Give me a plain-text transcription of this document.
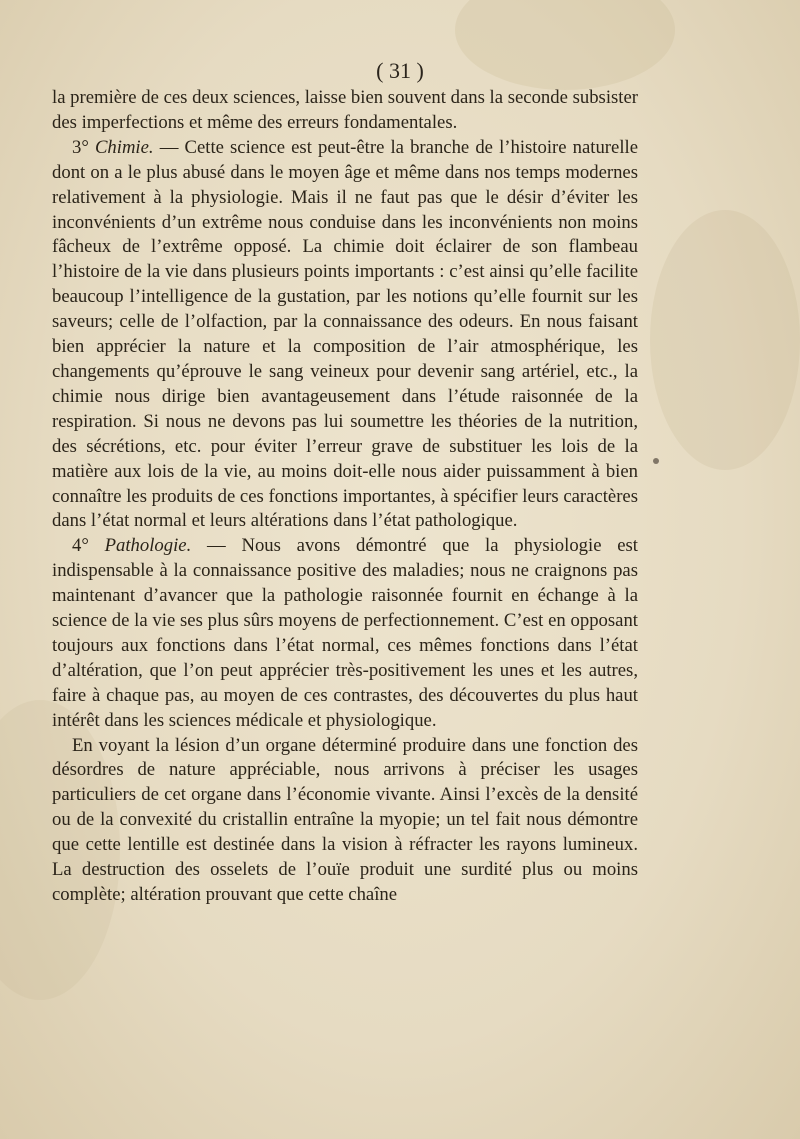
( 31 )

la première de ces deux sciences, laisse bien souvent dans la seconde subsister des imperfections et même des erreurs fondamentales.

3° Chimie. — Cette science est peut-être la branche de l’histoire naturelle dont on a le plus abusé dans le moyen âge et même dans nos temps modernes relativement à la physiologie. Mais il ne faut pas que le désir d’éviter les inconvénients d’un extrême nous conduise dans les inconvénients non moins fâcheux de l’extrême opposé. La chimie doit éclairer de son flambeau l’histoire de la vie dans plusieurs points importants : c’est ainsi qu’elle facilite beaucoup l’intelligence de la gustation, par les notions qu’elle fournit sur les saveurs; celle de l’olfaction, par la connaissance des odeurs. En nous faisant bien apprécier la nature et la composition de l’air atmosphérique, les changements qu’éprouve le sang veineux pour devenir sang artériel, etc., la chimie nous dirige bien avantageusement dans l’étude raisonnée de la respiration. Si nous ne devons pas lui soumettre les théories de la nutrition, des sécrétions, etc. pour éviter l’erreur grave de substituer les lois de la matière aux lois de la vie, au moins doit-elle nous aider puissamment à bien connaître les produits de ces fonctions importantes, à spécifier leurs caractères dans l’état normal et leurs altérations dans l’état pathologique.

4° Pathologie. — Nous avons démontré que la physiologie est indispensable à la connaissance positive des maladies; nous ne craignons pas maintenant d’avancer que la pathologie raisonnée fournit en échange à la science de la vie ses plus sûrs moyens de perfectionnement. C’est en opposant toujours aux fonctions dans l’état normal, ces mêmes fonctions dans l’état d’altération, que l’on peut apprécier très-positivement les unes et les autres, faire à chaque pas, au moyen de ces contrastes, des découvertes du plus haut intérêt dans les sciences médicale et physiologique.

En voyant la lésion d’un organe déterminé produire dans une fonction des désordres de nature appréciable, nous arrivons à préciser les usages particuliers de cet organe dans l’économie vivante. Ainsi l’excès de la densité ou de la convexité du cristallin entraîne la myopie; un tel fait nous démontre que cette lentille est destinée dans la vision à réfracter les rayons lumineux. La destruction des osselets de l’ouïe produit une surdité plus ou moins complète; altération prouvant que cette chaîne
